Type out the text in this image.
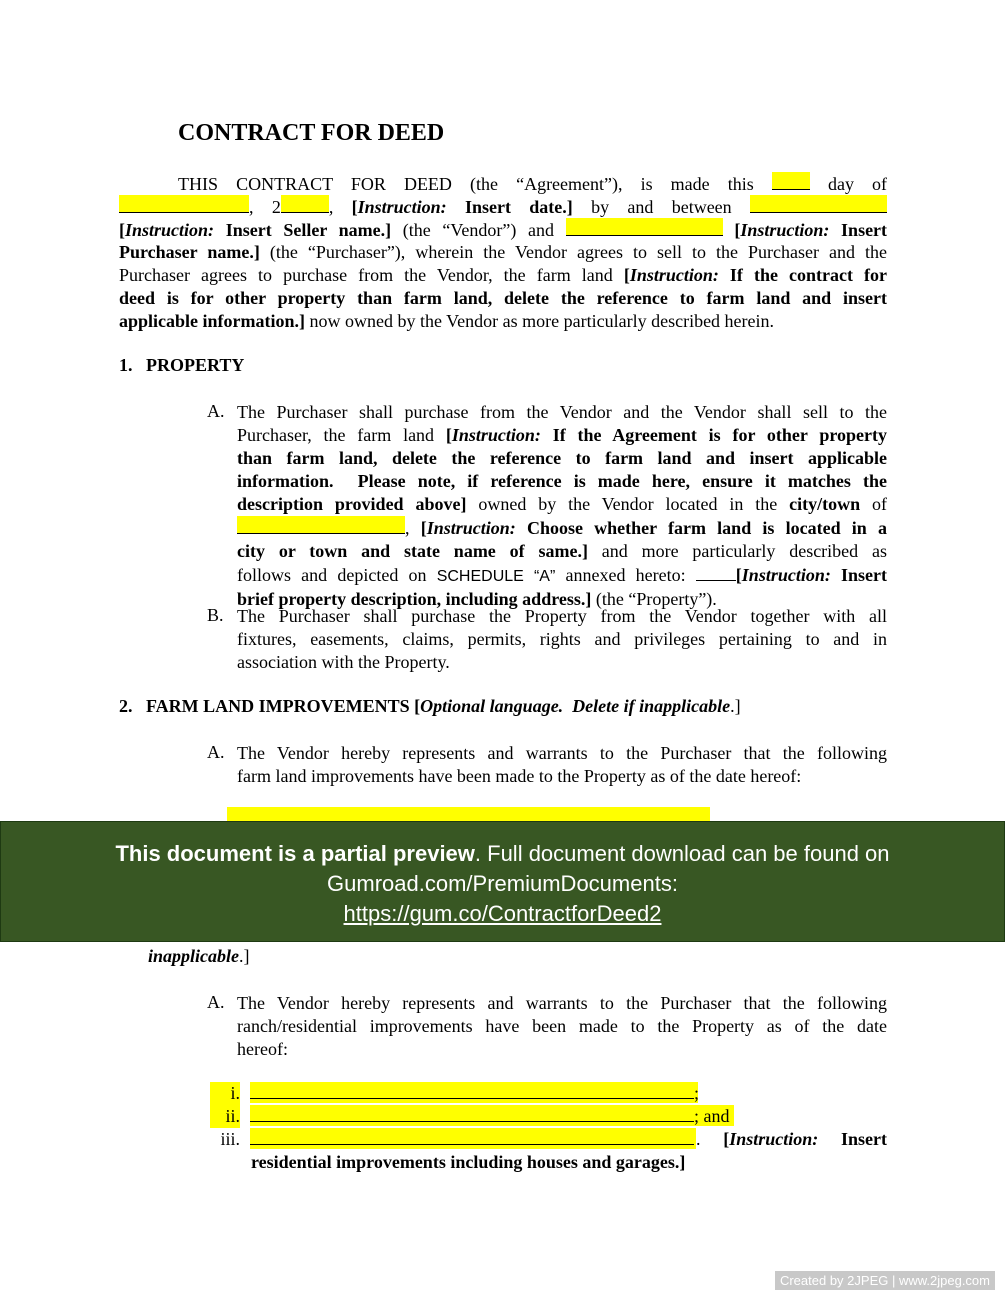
CONTRACT FOR DEED
THIS CONTRACT FOR DEED (the “Agreement”), is made this	day of
, 2	, [Instruction: Insert date.] by and between
[Instruction: Insert Seller name.] (the “Vendor”) and	[Instruction: Insert
Purchaser name.] (the “Purchaser”), wherein the Vendor agrees to sell to the Purchaser and the
Purchaser agrees to purchase from the Vendor, the farm land [Instruction: If the contract for
deed is for other property than farm land, delete the reference to farm land and insert
applicable information.] now owned by the Vendor as more particularly described herein.
1.   PROPERTY
A. The Purchaser shall purchase from the Vendor and the Vendor shall sell to the
Purchaser, the farm land [Instruction: If the Agreement is for other property
than farm land, delete the reference to farm land and insert applicable
information.  Please note, if reference is made here, ensure it matches the
description provided above] owned by the Vendor located in the city/town of
, [Instruction: Choose whether farm land is located in a
city or town and state name of same.] and more particularly described as
follows and depicted on SCHEDULE “A” annexed hereto:	[Instruction: Insert
brief property description, including address.] (the “Property”).
B. The Purchaser shall purchase the Property from the Vendor together with all
fixtures, easements, claims, permits, rights and privileges pertaining to and in
association with the Property.
2.   FARM LAND IMPROVEMENTS [Optional language.  Delete if inapplicable.]
A. The Vendor hereby represents and warrants to the Purchaser that the following
farm land improvements have been made to the Property as of the date hereof:
This document is a partial preview. Full document download can be found on
Gumroad.com/PremiumDocuments:
https://gum.co/ContractforDeed2
inapplicable.]
A. The Vendor hereby represents and warrants to the Purchaser that the following
ranch/residential improvements have been made to the Property as of the date
hereof:
i.	;
ii.	; and
iii.	. [Instruction: Insert
residential improvements including houses and garages.]
Created by 2JPEG | www.2jpeg.com
